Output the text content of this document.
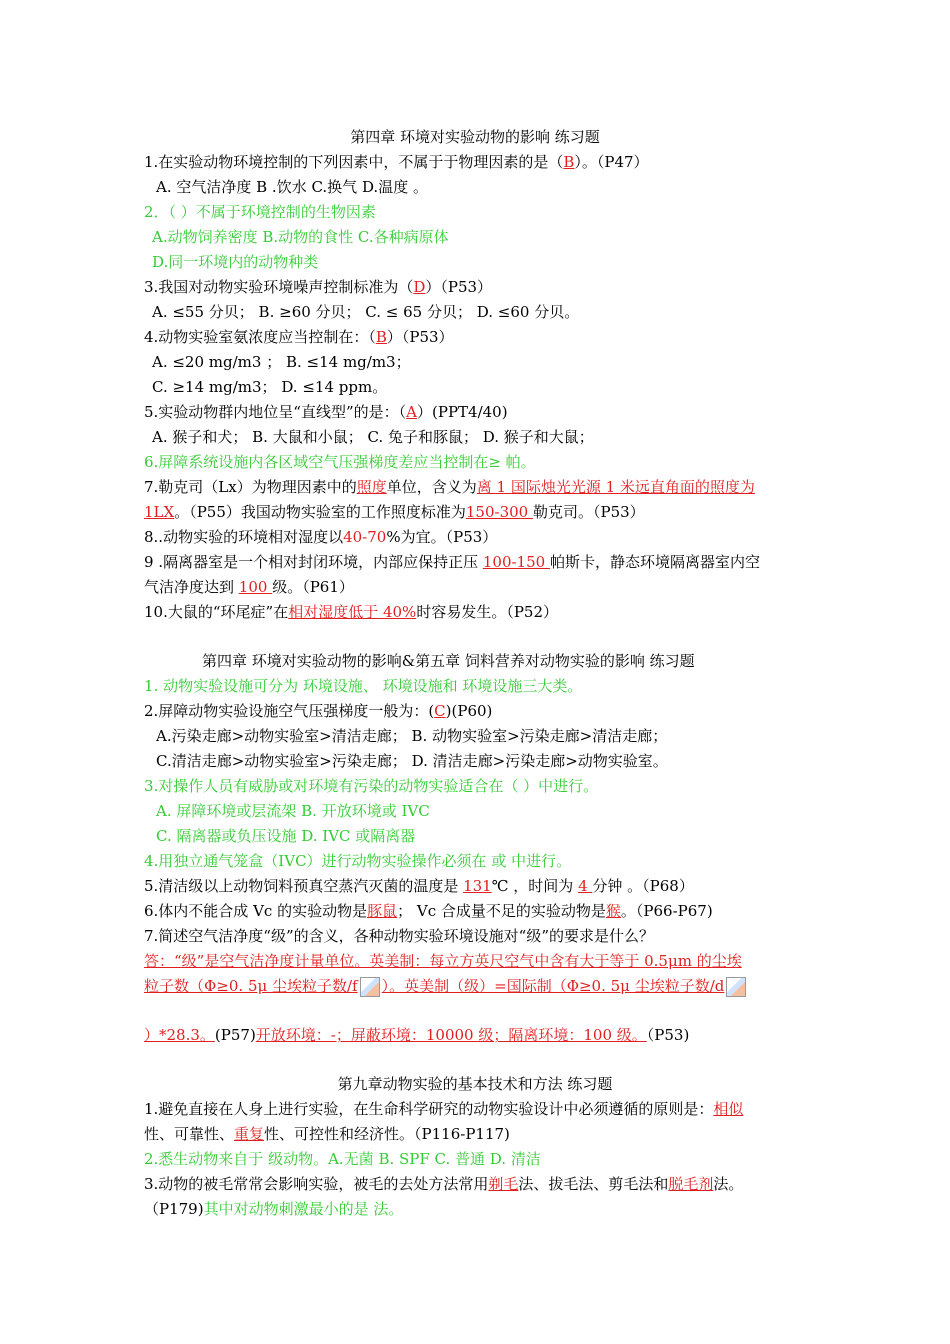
第四章 环境对实验动物的影响 练习题
1.在实验动物环境控制的下列因素中，不属于于物理因素的是（B）。（P47）
A. 空气洁净度 B .饮水 C.换气 D.温度 。
2．（ ）不属于环境控制的生物因素
A.动物饲养密度 B.动物的食性 C.各种病原体
D.同一环境内的动物种类
3.我国对动物实验环境噪声控制标准为（D）（P53）
A. ≤55 分贝； B. ≥60 分贝； C. ≤ 65 分贝； D. ≤60 分贝。
4.动物实验室氨浓度应当控制在：（B）（P53）
A. ≤20 mg/m3 ； B. ≤14 mg/m3；
C. ≥14 mg/m3； D. ≤14 ppm。
5.实验动物群内地位呈“直线型”的是：（A）(PPT4/40)
A. 猴子和犬； B. 大鼠和小鼠； C. 兔子和豚鼠； D. 猴子和大鼠；
6.屏障系统设施内各区域空气压强梯度差应当控制在≥ 帕。
7.勒克司（Lx）为物理因素中的照度单位，含义为离 1 国际烛光光源 1 米远直角面的照度为
1LX。（P55）我国动物实验室的工作照度标准为150-300 勒克司。（P53）
8..动物实验的环境相对湿度以40-70%为宜。（P53）
9 .隔离器室是一个相对封闭环境，内部应保持正压 100-150 帕斯卡，静态环境隔离器室内空
气洁净度达到 100 级。（P61）
10.大鼠的“环尾症”在相对湿度低于 40%时容易发生。（P52）
第四章 环境对实验动物的影响&第五章 饲料营养对动物实验的影响 练习题
1. 动物实验设施可分为 环境设施、 环境设施和 环境设施三大类。
2.屏障动物实验设施空气压强梯度一般为：(C)(P60)
A.污染走廊>动物实验室>清洁走廊； B. 动物实验室>污染走廊>清洁走廊；
C.清洁走廊>动物实验室>污染走廊； D. 清洁走廊>污染走廊>动物实验室。
3.对操作人员有威胁或对环境有污染的动物实验适合在（ ）中进行。
A. 屏障环境或层流架 B. 开放环境或 IVC
C. 隔离器或负压设施 D. IVC 或隔离器
4.用独立通气笼盒（IVC）进行动物实验操作必须在 或 中进行。
5.清洁级以上动物饲料预真空蒸汽灭菌的温度是 131℃ ，时间为 4 分钟 。（P68）
6.体内不能合成 Vc 的实验动物是豚鼠； Vc 合成量不足的实验动物是猴。（P66-P67)
7.简述空气洁净度“级”的含义，各种动物实验环境设施对“级”的要求是什么？
答：“级”是空气洁净度计量单位。英美制：每立方英尺空气中含有大于等于 0.5μm 的尘埃
粒子数（Φ≥0. 5μ 尘埃粒子数/f ）。英美制（级）=国际制（Φ≥0. 5μ 尘埃粒子数/d
）*28.3。(P57)开放环境：-；屏蔽环境：10000 级；隔离环境：100 级。（P53)
第九章动物实验的基本技术和方法 练习题
1.避免直接在人身上进行实验，在生命科学研究的动物实验设计中必须遵循的原则是：相似
性、可靠性、重复性、可控性和经济性。（P116-P117)
2.悉生动物来自于 级动物。A.无菌 B. SPF C. 普通 D. 清洁
3.动物的被毛常常会影响实验，被毛的去处方法常用剃毛法、拔毛法、剪毛法和脱毛剂法。
（P179)其中对动物刺激最小的是 法。
